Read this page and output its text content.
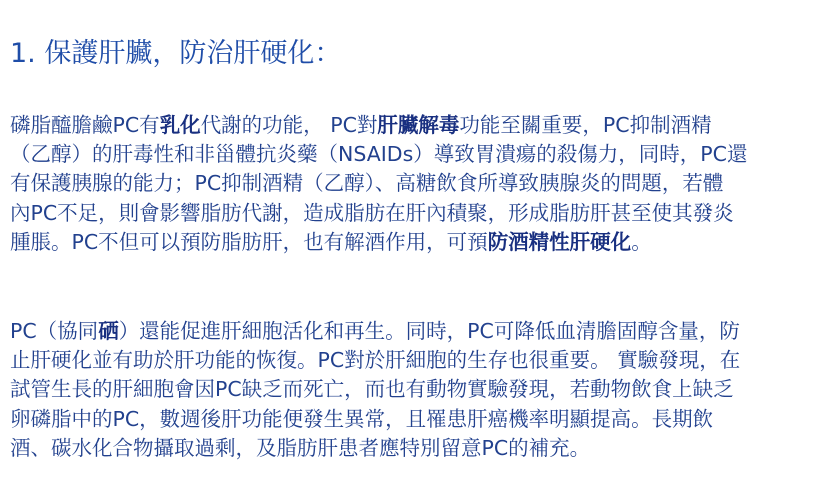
1. 保護肝臟，防治肝硬化：
磷脂醯膽鹼PC有乳化代謝的功能， PC對肝臟解毒功能至關重要，PC抑制酒精
（乙醇）的肝毒性和非甾體抗炎藥（NSAIDs）導致胃潰瘍的殺傷力，同時，PC還
有保護胰腺的能力；PC抑制酒精（乙醇）、高糖飲食所導致胰腺炎的問題，若體
內PC不足，則會影響脂肪代謝，造成脂肪在肝內積聚，形成脂肪肝甚至使其發炎
腫脹。PC不但可以預防脂肪肝，也有解酒作用，可預防酒精性肝硬化。
PC（協同硒）還能促進肝細胞活化和再生。同時，PC可降低血清膽固醇含量，防
止肝硬化並有助於肝功能的恢復。PC對於肝細胞的生存也很重要。 實驗發現，在
試管生長的肝細胞會因PC缺乏而死亡，而也有動物實驗發現，若動物飲食上缺乏
卵磷脂中的PC，數週後肝功能便發生異常，且罹患肝癌機率明顯提高。長期飲
酒、碳水化合物攝取過剩，及脂肪肝患者應特別留意PC的補充。
